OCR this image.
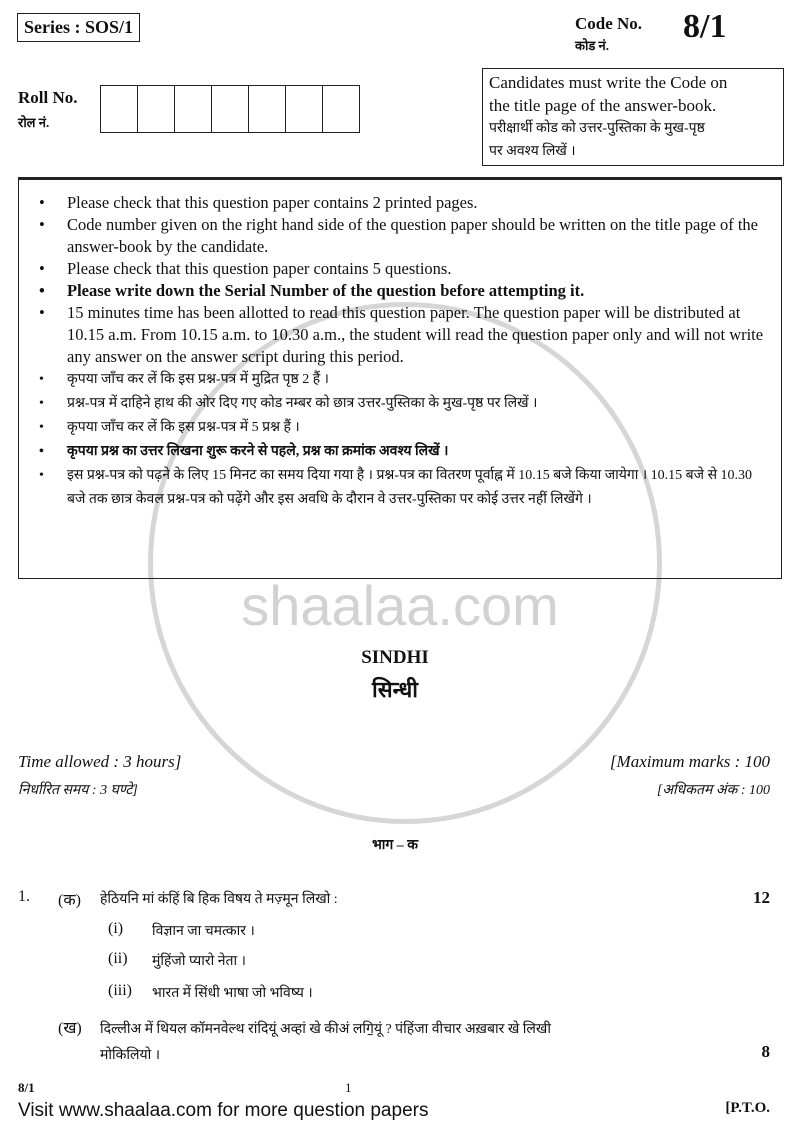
shaalaa.com
Series : SOS/1	Code No.
कोड नं.
8/1
Roll No.
रोल नं.
Candidates must write the Code on
the title page of the answer-book.
परीक्षार्थी कोड को उत्तर-पुस्तिका के मुख-पृष्ठ
पर अवश्य लिखें ।
• Please check that this question paper contains 2 printed pages.
• Code number given on the right hand side of the question paper should be written on the title page of the answer-book by the candidate.
• Please check that this question paper contains 5 questions.
• Please write down the Serial Number of the question before attempting it.
• 15 minutes time has been allotted to read this question paper. The question paper will be distributed at 10.15 a.m. From 10.15 a.m. to 10.30 a.m., the student will read the question paper only and will not write any answer on the answer script during this period.
• कृपया जाँच कर लें कि इस प्रश्न-पत्र में मुद्रित पृष्ठ 2 हैं ।
• प्रश्न-पत्र में दाहिने हाथ की ओर दिए गए कोड नम्बर को छात्र उत्तर-पुस्तिका के मुख-पृष्ठ पर लिखें ।
• कृपया जाँच कर लें कि इस प्रश्न-पत्र में 5 प्रश्न हैं ।
• कृपया प्रश्न का उत्तर लिखना शुरू करने से पहले, प्रश्न का क्रमांक अवश्य लिखें ।
• इस प्रश्न-पत्र को पढ़ने के लिए 15 मिनट का समय दिया गया है । प्रश्न-पत्र का वितरण पूर्वाह्न में 10.15 बजे किया जायेगा । 10.15 बजे से 10.30 बजे तक छात्र केवल प्रश्न-पत्र को पढ़ेंगे और इस अवधि के दौरान वे उत्तर-पुस्तिका पर कोई उत्तर नहीं लिखेंगे ।
SINDHI
सिन्धी
Time allowed : 3 hours]
निर्धारित समय : 3 घण्टे]
[Maximum marks : 100
[अधिकतम अंक : 100
भाग – क
1. (क) हेठियनि मां कंहिं बि हिक विषय ते मज़्मून लिखो :	12
(i) विज्ञान जा चमत्कार ।
(ii) मुंहिंजो प्यारो नेता ।
(iii) भारत में सिंधी भाषा जो भविष्य ।
(ख) दिल्लीअ में थियल कॉमनवेल्थ रांदियूं अव्हां खे कीअं लगि॒यूं ? पंहिंजा वीचार अख़बार खे लिखी
मोकिलियो ।	8
8/1	1
Visit www.shaalaa.com for more question papers	[P.T.O.
